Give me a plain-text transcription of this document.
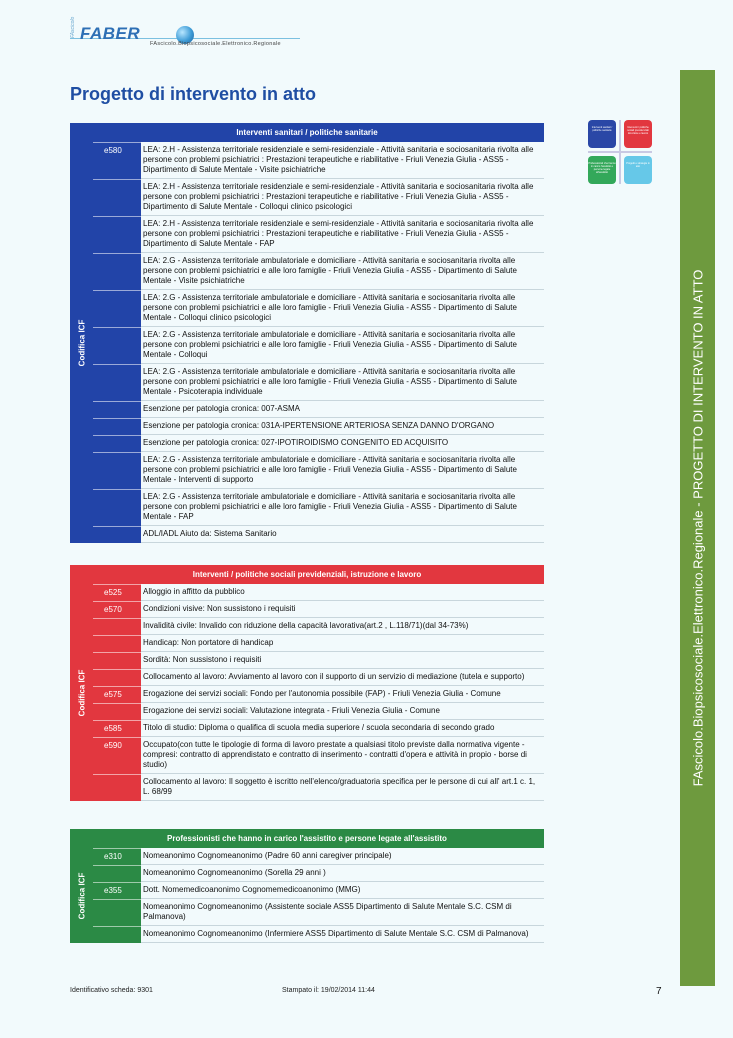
FAscicolo FABER
FAscicolo.Biopsicosociale.Elettronico.Regionale
Progetto di intervento in atto
Interventi sanitari / politiche sanitarie
Interventi / politiche sociali previdenziali istruzione e lavoro
Professionisti che hanno in carico l'assistito e persone legate all'assistito
Progetti e strategie in atto
FAscicolo.Biopsicosociale.Elettronico.Regionale - PROGETTO DI INTERVENTO IN ATTO
Interventi sanitari / politiche sanitarie
Codifica ICF
e580	LEA: 2.H - Assistenza territoriale residenziale e semi-residenziale - Attività sanitaria e sociosanitaria rivolta alle persone con problemi psichiatrici : Prestazioni terapeutiche e riabilitative - Friuli Venezia Giulia - ASS5 - Dipartimento di Salute Mentale - Visite psichiatriche
LEA: 2.H - Assistenza territoriale residenziale e semi-residenziale - Attività sanitaria e sociosanitaria rivolta alle persone con problemi psichiatrici : Prestazioni terapeutiche e riabilitative - Friuli Venezia Giulia - ASS5 - Dipartimento di Salute Mentale - Colloqui clinico psicologici
LEA: 2.H - Assistenza territoriale residenziale e semi-residenziale - Attività sanitaria e sociosanitaria rivolta alle persone con problemi psichiatrici : Prestazioni terapeutiche e riabilitative - Friuli Venezia Giulia - ASS5 - Dipartimento di Salute Mentale - FAP
LEA: 2.G - Assistenza territoriale ambulatoriale e domiciliare - Attività sanitaria e sociosanitaria rivolta alle persone con problemi psichiatrici e alle loro famiglie - Friuli Venezia Giulia - ASS5 - Dipartimento di Salute Mentale - Visite psichiatriche
LEA: 2.G - Assistenza territoriale ambulatoriale e domiciliare - Attività sanitaria e sociosanitaria rivolta alle persone con problemi psichiatrici e alle loro famiglie - Friuli Venezia Giulia - ASS5 - Dipartimento di Salute Mentale - Colloqui clinico psicologici
LEA: 2.G - Assistenza territoriale ambulatoriale e domiciliare - Attività sanitaria e sociosanitaria rivolta alle persone con problemi psichiatrici e alle loro famiglie - Friuli Venezia Giulia - ASS5 - Dipartimento di Salute Mentale - Colloqui
LEA: 2.G - Assistenza territoriale ambulatoriale e domiciliare - Attività sanitaria e sociosanitaria rivolta alle persone con problemi psichiatrici e alle loro famiglie - Friuli Venezia Giulia - ASS5 - Dipartimento di Salute Mentale - Psicoterapia individuale
Esenzione per patologia cronica: 007-ASMA
Esenzione per patologia cronica: 031A-IPERTENSIONE ARTERIOSA SENZA DANNO D'ORGANO
Esenzione per patologia cronica: 027-IPOTIROIDISMO CONGENITO ED ACQUISITO
LEA: 2.G - Assistenza territoriale ambulatoriale e domiciliare - Attività sanitaria e sociosanitaria rivolta alle persone con problemi psichiatrici e alle loro famiglie - Friuli Venezia Giulia - ASS5 - Dipartimento di Salute Mentale - Interventi di supporto
LEA: 2.G - Assistenza territoriale ambulatoriale e domiciliare - Attività sanitaria e sociosanitaria rivolta alle persone con problemi psichiatrici e alle loro famiglie - Friuli Venezia Giulia - ASS5 - Dipartimento di Salute Mentale - FAP
ADL/IADL Aiuto da: Sistema Sanitario
Interventi / politiche sociali previdenziali, istruzione e lavoro
Codifica ICF
e525	Alloggio in affitto da pubblico
e570	Condizioni visive: Non sussistono i requisiti
Invalidità civile: Invalido con riduzione della capacità lavorativa(art.2 , L.118/71)(dal 34-73%)
Handicap: Non portatore di handicap
Sordità: Non sussistono i requisiti
Collocamento al lavoro: Avviamento al lavoro con il supporto di un servizio di mediazione (tutela e supporto)
e575	Erogazione dei servizi sociali: Fondo per l'autonomia possibile (FAP) - Friuli Venezia Giulia - Comune
Erogazione dei servizi sociali: Valutazione integrata - Friuli Venezia Giulia - Comune
e585	Titolo di studio: Diploma o qualifica di scuola media superiore / scuola secondaria di secondo grado
e590	Occupato(con tutte le tipologie di forma di lavoro prestate a qualsiasi titolo previste dalla normativa vigente - compresi: contratto di apprendistato e contratto di inserimento - contratti d'opera e attività in propio - borse di studio)
Collocamento al lavoro: Il soggetto è iscritto nell'elenco/graduatoria specifica per le persone di cui all' art.1 c. 1, L. 68/99
Professionisti che hanno in carico l'assistito e persone legate all'assistito
Codifica ICF
e310	Nomeanonimo Cognomeanonimo (Padre 60 anni caregiver principale)
Nomeanonimo Cognomeanonimo (Sorella 29 anni )
e355	Dott. Nomemedicoanonimo Cognomemedicoanonimo (MMG)
Nomeanonimo Cognomeanonimo (Assistente sociale ASS5 Dipartimento di Salute Mentale S.C. CSM di Palmanova)
Nomeanonimo Cognomeanonimo (Infermiere ASS5 Dipartimento di Salute Mentale S.C. CSM di Palmanova)
Identificativo scheda: 9301	Stampato il: 19/02/2014 11:44	7
